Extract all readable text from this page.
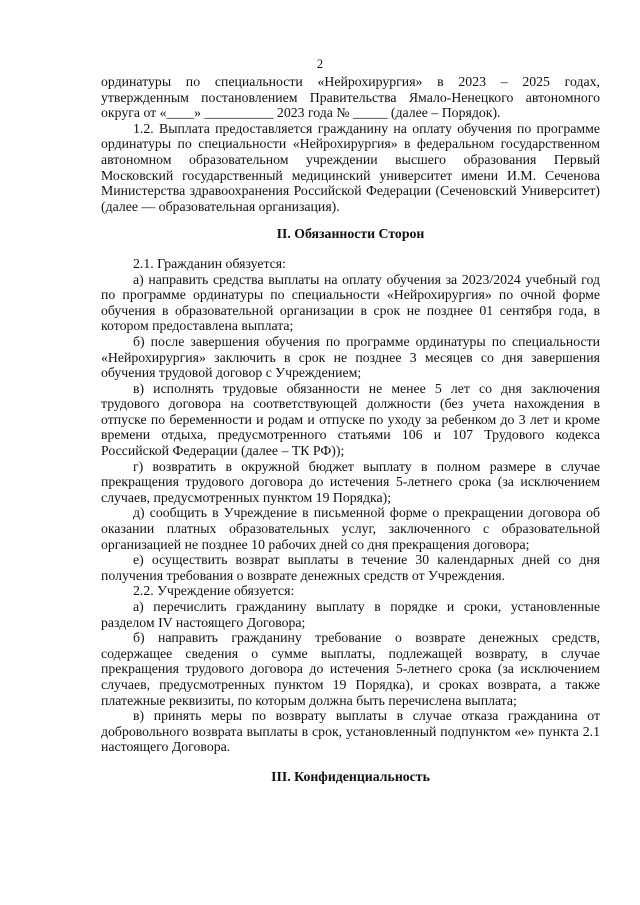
2

ординатуры по специальности «Нейрохирургия» в 2023 – 2025 годах, утвержденным постановлением Правительства Ямало-Ненецкого автономного округа от «____» __________ 2023 года № _____ (далее – Порядок).

1.2. Выплата предоставляется гражданину на оплату обучения по программе ординатуры по специальности «Нейрохирургия» в федеральном государственном автономном образовательном учреждении высшего образования Первый Московский государственный медицинский университет имени И.М. Сеченова Министерства здравоохранения Российской Федерации (Сеченовский Университет) (далее — образовательная организация).

II. Обязанности Сторон

2.1. Гражданин обязуется:

а) направить средства выплаты на оплату обучения за 2023/2024 учебный год по программе ординатуры по специальности «Нейрохирургия» по очной форме обучения в образовательной организации в срок не позднее 01 сентября года, в котором предоставлена выплата;

б) после завершения обучения по программе ординатуры по специальности «Нейрохирургия» заключить в срок не позднее 3 месяцев со дня завершения обучения трудовой договор с Учреждением;

в) исполнять трудовые обязанности не менее 5 лет со дня заключения трудового договора на соответствующей должности (без учета нахождения в отпуске по беременности и родам и отпуске по уходу за ребенком до 3 лет и кроме времени отдыха, предусмотренного статьями 106 и 107 Трудового кодекса Российской Федерации (далее – ТК РФ));

г) возвратить в окружной бюджет выплату в полном размере в случае прекращения трудового договора до истечения 5-летнего срока (за исключением случаев, предусмотренных пунктом 19 Порядка);

д) сообщить в Учреждение в письменной форме о прекращении договора об оказании платных образовательных услуг, заключенного с образовательной организацией не позднее 10 рабочих дней со дня прекращения договора;

е) осуществить возврат выплаты в течение 30 календарных дней со дня получения требования о возврате денежных средств от Учреждения.

2.2. Учреждение обязуется:

а) перечислить гражданину выплату в порядке и сроки, установленные разделом IV настоящего Договора;

б) направить гражданину требование о возврате денежных средств, содержащее сведения о сумме выплаты, подлежащей возврату, в случае прекращения трудового договора до истечения 5-летнего срока (за исключением случаев, предусмотренных пунктом 19 Порядка), и сроках возврата, а также платежные реквизиты, по которым должна быть перечислена выплата;

в) принять меры по возврату выплаты в случае отказа гражданина от добровольного возврата выплаты в срок, установленный подпунктом «е» пункта 2.1 настоящего Договора.

III. Конфиденциальность
